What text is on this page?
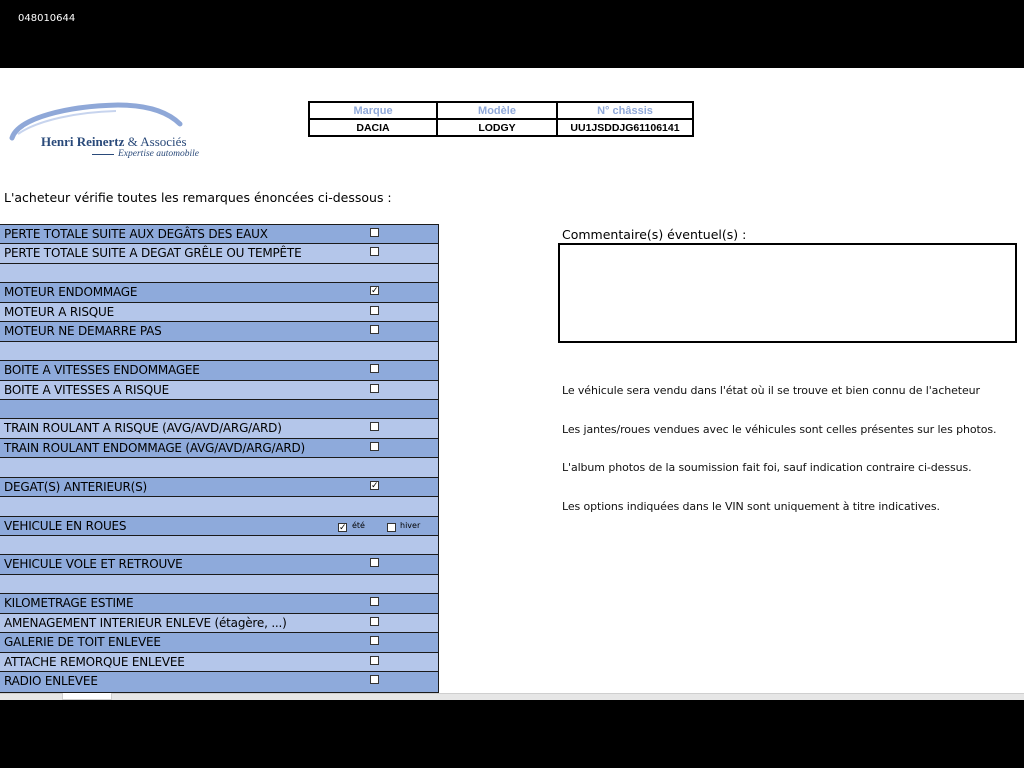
048010644
Henri Reinertz & Associés
Expertise automobile
Marque	Modèle	N° châssis
DACIA	LODGY	UU1JSDDJG61106141
L'acheteur vérifie toutes les remarques énoncées ci-dessous :
PERTE TOTALE SUITE AUX DEGÂTS DES EAUX
PERTE TOTALE SUITE A DEGAT GRÊLE OU TEMPÊTE
MOTEUR ENDOMMAGE	✓
MOTEUR A RISQUE
MOTEUR NE DEMARRE PAS
BOITE A VITESSES ENDOMMAGEE
BOITE A VITESSES A RISQUE
TRAIN ROULANT A RISQUE (AVG/AVD/ARG/ARD)
TRAIN ROULANT ENDOMMAGE (AVG/AVD/ARG/ARD)
DEGAT(S) ANTERIEUR(S)	✓
VEHICULE EN ROUES	✓ été	hiver
VEHICULE VOLE ET RETROUVE
KILOMETRAGE ESTIME
AMENAGEMENT INTERIEUR ENLEVE (étagère, ...)
GALERIE DE TOIT ENLEVEE
ATTACHE REMORQUE ENLEVEE
RADIO ENLEVEE
Commentaire(s) éventuel(s) :
Le véhicule sera vendu dans l'état où il se trouve et bien connu de l'acheteur
Les jantes/roues vendues avec le véhicules sont celles présentes sur les photos.
L'album photos de la soumission fait foi, sauf indication contraire ci-dessus.
Les options indiquées dans le VIN sont uniquement à titre indicatives.
